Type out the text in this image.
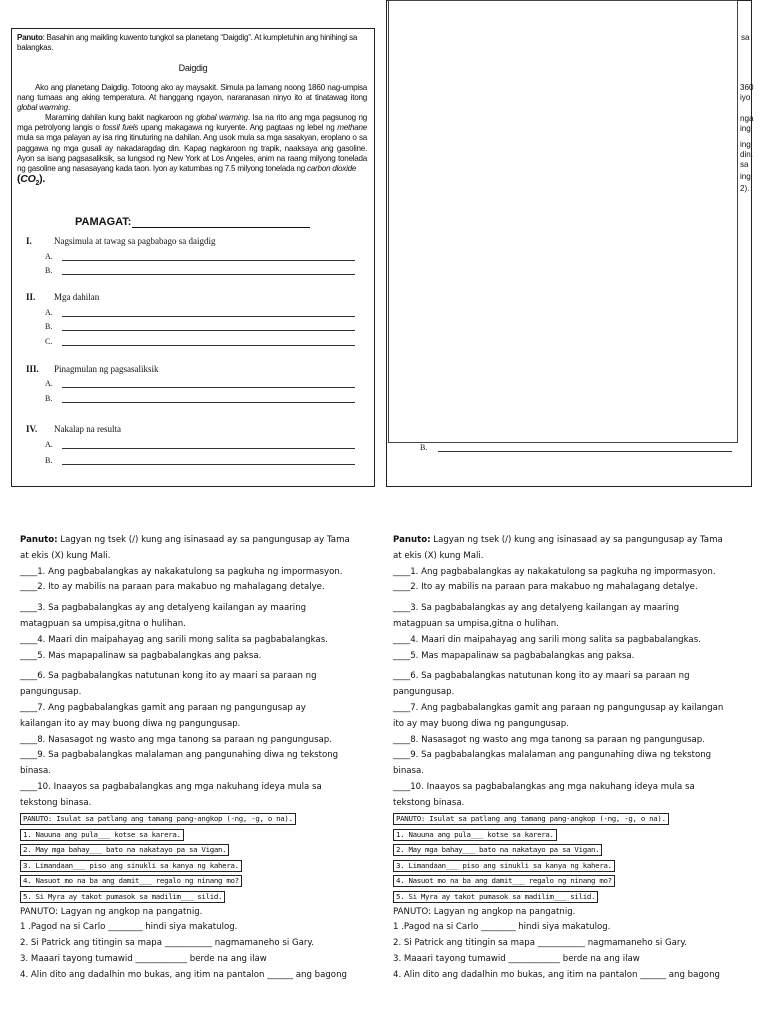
Panuto: Basahin ang maikling kuwento tungkol sa planetang “Daigdig”. At kumpletuhin ang hinihingi sa balangkas.
Daigdig
Ako ang planetang Daigdig. Totoong ako ay maysakit. Simula pa lamang noong 1860 nag-umpisa nang tumaas ang aking temperatura. At hanggang ngayon, nararanasan ninyo ito at tinatawag itong global warming.
Maraming dahilan kung bakit nagkaroon ng global warming. Isa na rito ang mga pagsunog ng mga petrolyong langis o fossil fuels upang makagawa ng kuryente. Ang pagtaas ng lebel ng methane mula sa mga palayan ay isa ring itinuturing na dahilan. Ang usok mula sa mga sasakyan, eroplano o sa paggawa ng mga gusali ay nakadaragdag din. Kapag nagkaroon ng trapik, naaksaya ang gasoline. Ayon sa isang pagsasaliksik, sa lungsod ng New York at Los Angeles, anim na raang milyong tonelada ng gasoline ang nasasayang kada taon. Iyon ay katumbas ng 7.5 milyong tonelada ng carbon dioxide
$(CO_2)$.
PAMAGAT:
I. Nagsimula at tawag sa pagbabago sa daigdig
A.
B.
II. Mga dahilan
A.
B.
C.
III. Pinagmulan ng pagsasaliksik
A.
B.
IV. Nakalap na resulta
A.
B.
sa
360
iyo
nga
ing
ing
din.
sa
ing
2).
B.
Panuto: Lagyan ng tsek (/) kung ang isinasaad ay sa pangungusap ay Tama
at ekis (X) kung Mali.
____1. Ang pagbabalangkas ay nakakatulong sa pagkuha ng impormasyon.
____2. Ito ay mabilis na paraan para makabuo ng mahalagang detalye.
____3. Sa pagbabalangkas ay ang detalyeng kailangan ay maaring
matagpuan sa umpisa,gitna o hulihan.
____4. Maari din maipahayag ang sarili mong salita sa pagbabalangkas.
____5. Mas mapapalinaw sa pagbabalangkas ang paksa.
____6. Sa pagbabalangkas natutunan kong ito ay maari sa paraan ng
pangungusap.
____7. Ang pagbabalangkas gamit ang paraan ng pangungusap ay
kailangan ito ay may buong diwa ng pangungusap.
____8. Nasasagot ng wasto ang mga tanong sa paraan ng pangungusap.
____9. Sa pagbabalangkas malalaman ang pangunahing diwa ng tekstong
binasa.
____10. Inaayos sa pagbabalangkas ang mga nakuhang ideya mula sa
tekstong binasa.
PANUTO: Isulat sa patlang ang tamang pang-angkop (-ng, -g, o na).
1. Nauuna ang pula___ kotse sa karera.
2. May mga bahay___ bato na nakatayo pa sa Vigan.
3. Limandaan___ piso ang sinukli sa kanya ng kahera.
4. Nasuot mo na ba ang damit___ regalo ng ninang mo?
5. Si Myra ay takot pumasok sa madilim___ silid.
PANUTO: Lagyan ng angkop na pangatnig.
1 .Pagod na si Carlo ________ hindi siya makatulog.
2. Si Patrick ang titingin sa mapa ___________ nagmamaneho si Gary.
3. Maaari tayong tumawid ____________ berde na ang ilaw
4. Alin dito ang dadalhin mo bukas, ang itim na pantalon ______ ang bagong
Panuto: Lagyan ng tsek (/) kung ang isinasaad ay sa pangungusap ay Tama
at ekis (X) kung Mali.
____1. Ang pagbabalangkas ay nakakatulong sa pagkuha ng impormasyon.
____2. Ito ay mabilis na paraan para makabuo ng mahalagang detalye.
____3. Sa pagbabalangkas ay ang detalyeng kailangan ay maaring
matagpuan sa umpisa,gitna o hulihan.
____4. Maari din maipahayag ang sarili mong salita sa pagbabalangkas.
____5. Mas mapapalinaw sa pagbabalangkas ang paksa.
____6. Sa pagbabalangkas natutunan kong ito ay maari sa paraan ng
pangungusap.
____7. Ang pagbabalangkas gamit ang paraan ng pangungusap ay kailangan
ito ay may buong diwa ng pangungusap.
____8. Nasasagot ng wasto ang mga tanong sa paraan ng pangungusap.
____9. Sa pagbabalangkas malalaman ang pangunahing diwa ng tekstong
binasa.
____10. Inaayos sa pagbabalangkas ang mga nakuhang ideya mula sa
tekstong binasa.
PANUTO: Isulat sa patlang ang tamang pang-angkop (-ng, -g, o na).
1. Nauuna ang pula___ kotse sa karera.
2. May mga bahay___ bato na nakatayo pa sa Vigan.
3. Limandaan___ piso ang sinukli sa kanya ng kahera.
4. Nasuot mo na ba ang damit___ regalo ng ninang mo?
5. Si Myra ay takot pumasok sa madilim___ silid.
PANUTO: Lagyan ng angkop na pangatnig.
1 .Pagod na si Carlo ________ hindi siya makatulog.
2. Si Patrick ang titingin sa mapa ___________ nagmamaneho si Gary.
3. Maaari tayong tumawid ____________ berde na ang ilaw
4. Alin dito ang dadalhin mo bukas, ang itim na pantalon ______ ang bagong
